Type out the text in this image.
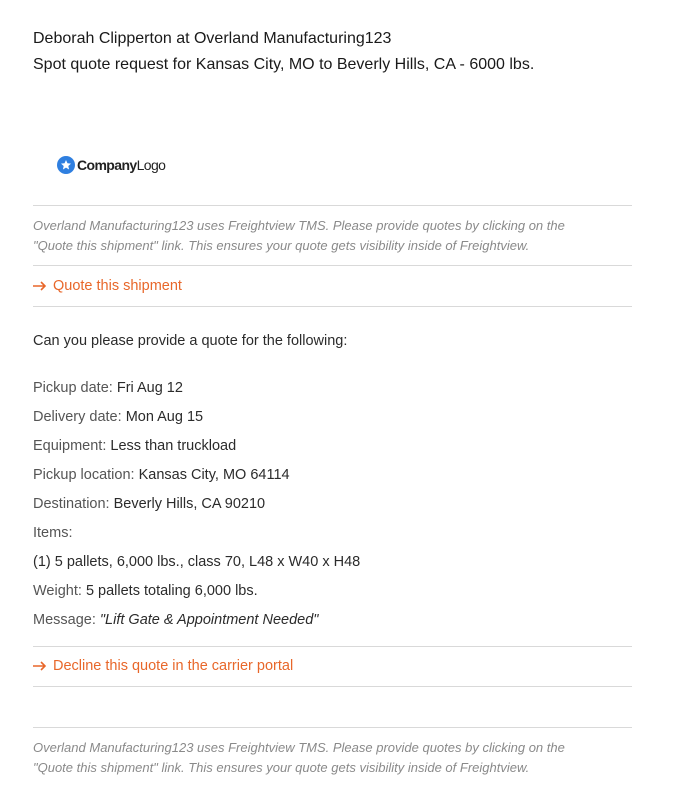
Deborah Clipperton at Overland Manufacturing123
Spot quote request for Kansas City, MO to Beverly Hills, CA - 6000 lbs.
CompanyLogo
Overland Manufacturing123 uses Freightview TMS. Please provide quotes by clicking on the
"Quote this shipment" link. This ensures your quote gets visibility inside of Freightview.
Quote this shipment
Can you please provide a quote for the following:
Pickup date: Fri Aug 12
Delivery date: Mon Aug 15
Equipment: Less than truckload
Pickup location: Kansas City, MO 64114
Destination: Beverly Hills, CA 90210
Items:
(1) 5 pallets, 6,000 lbs., class 70, L48 x W40 x H48
Weight: 5 pallets totaling 6,000 lbs.
Message: "Lift Gate & Appointment Needed"
Decline this quote in the carrier portal
Overland Manufacturing123 uses Freightview TMS. Please provide quotes by clicking on the
"Quote this shipment" link. This ensures your quote gets visibility inside of Freightview.
